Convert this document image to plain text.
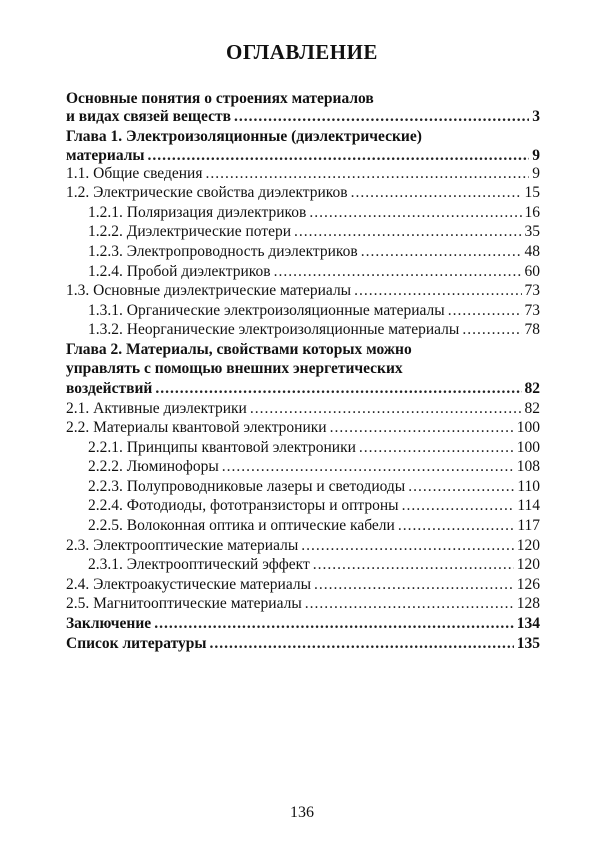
ОГЛАВЛЕНИЕ
Основные понятия о строениях материалов
и видах связей веществ .....	3
Глава 1. Электроизоляционные (диэлектрические)
материалы .....	9
1.1. Общие сведения .....	9
1.2. Электрические свойства диэлектриков .....	15
1.2.1. Поляризация диэлектриков .....	16
1.2.2. Диэлектрические потери .....	35
1.2.3. Электропроводность диэлектриков .....	48
1.2.4. Пробой диэлектриков .....	60
1.3. Основные диэлектрические материалы .....	73
1.3.1. Органические электроизоляционные материалы .....	73
1.3.2. Неорганические электроизоляционные материалы .....	78
Глава 2. Материалы, свойствами которых можно
управлять с помощью внешних энергетических
воздействий .....	82
2.1. Активные диэлектрики .....	82
2.2. Материалы квантовой электроники .....	100
2.2.1. Принципы квантовой электроники .....	100
2.2.2. Люминофоры .....	108
2.2.3. Полупроводниковые лазеры и светодиоды .....	110
2.2.4. Фотодиоды, фототранзисторы и оптроны .....	114
2.2.5. Волоконная оптика и оптические кабели .....	117
2.3. Электрооптические материалы .....	120
2.3.1. Электрооптический эффект .....	120
2.4. Электроакустические материалы .....	126
2.5. Магнитооптические материалы .....	128
Заключение .....	134
Список литературы .....	135
136
